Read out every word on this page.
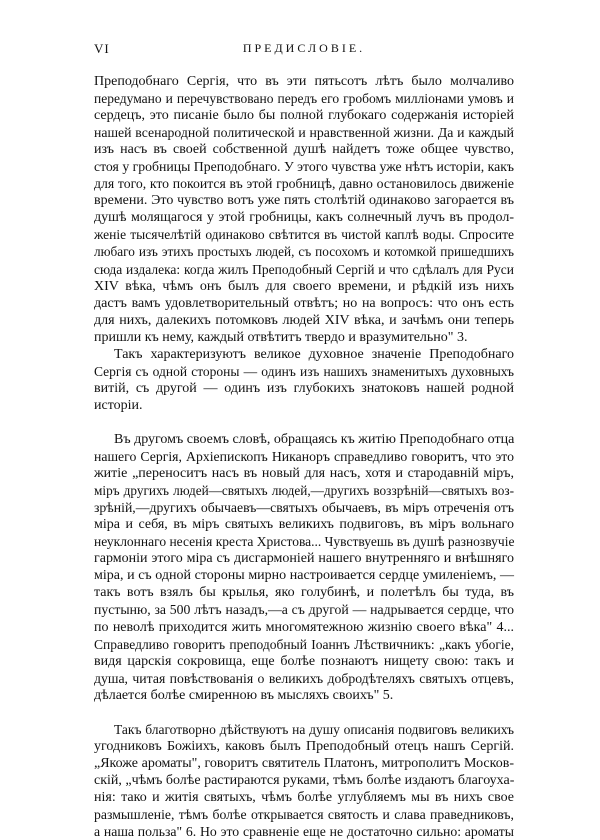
VI	ПРЕДИСЛОВІЕ.
Преподобнаго Сергія, что въ эти пятьсотъ лѣтъ было молчаливо
передумано и перечувствовано передъ его гробомъ милліонами умовъ и
сердецъ, это писаніе было бы полной глубокаго содержанія исторіей
нашей всенародной политической и нравственной жизни. Да и каждый
изъ насъ въ своей собственной душѣ найдетъ тоже общее чувство,
стоя у гробницы Преподобнаго. У этого чувства уже нѣтъ исторіи, какъ
для того, кто покоится въ этой гробницѣ, давно остановилось движеніе
времени. Это чувство вотъ уже пять столѣтій одинаково загорается въ
душѣ молящагося у этой гробницы, какъ солнечный лучъ въ продол-
женіе тысячелѣтій одинаково свѣтится въ чистой каплѣ воды. Спросите
любаго изъ этихъ простыхъ людей, съ посохомъ и котомкой пришедшихъ
сюда издалека: когда жилъ Преподобный Сергій и что сдѣлалъ для Руси
XIV вѣка, чѣмъ онъ былъ для своего времени, и рѣдкій изъ нихъ
дастъ вамъ удовлетворительный отвѣтъ; но на вопросъ: что онъ есть
для нихъ, далекихъ потомковъ людей XIV вѣка, и зачѣмъ они теперь
пришли къ нему, каждый отвѣтитъ твердо и вразумительно" 3.
Такъ характеризуютъ великое духовное значеніе Преподобнаго
Сергія съ одной стороны — одинъ изъ нашихъ знаменитыхъ духовныхъ
витій, съ другой — одинъ изъ глубокихъ знатоковъ нашей родной
исторіи.
Въ другомъ своемъ словѣ, обращаясь къ житію Преподобнаго отца
нашего Сергія, Архіепископъ Никаноръ справедливо говоритъ, что это
житіе „переноситъ насъ въ новый для насъ, хотя и стародавній міръ,
міръ другихъ людей—святыхъ людей,—другихъ воззрѣній—святыхъ воз-
зрѣній,—другихъ обычаевъ—святыхъ обычаевъ, въ міръ отреченія отъ
міра и себя, въ міръ святыхъ великихъ подвиговъ, въ міръ вольнаго
неуклоннаго несенія креста Христова... Чувствуешь въ душѣ разнозвучіе
гармоніи этого міра съ дисгармоніей нашего внутренняго и внѣшняго
міра, и съ одной стороны мирно настроивается сердце умиленіемъ, —
такъ вотъ взялъ бы крылья, яко голубинѣ, и полетѣлъ бы туда, въ
пустыню, за 500 лѣтъ назадъ,—а съ другой — надрывается сердце, что
по неволѣ приходится жить многомятежною жизнію своего вѣка" 4...
Справедливо говоритъ преподобный Іоаннъ Лѣствичникъ: „какъ убогіе,
видя царскія сокровища, еще болѣе познаютъ нищету свою: такъ и
душа, читая повѣствованія о великихъ добродѣтеляхъ святыхъ отцевъ,
дѣлается болѣе смиренною въ мысляхъ своихъ" 5.
Такъ благотворно дѣйствуютъ на душу описанія подвиговъ великихъ
угодниковъ Божіихъ, каковъ былъ Преподобный отецъ нашъ Сергій.
„Якоже ароматы", говоритъ святитель Платонъ, митрополитъ Москов-
скій, „чѣмъ болѣе растираются руками, тѣмъ болѣе издаютъ благоуха-
нія: тако и житія святыхъ, чѣмъ болѣе углубляемъ мы въ нихъ свое
размышленіе, тѣмъ болѣе открывается святость и слава праведниковъ,
а наша польза" 6. Но это сравненіе еще не достаточно сильно: ароматы
